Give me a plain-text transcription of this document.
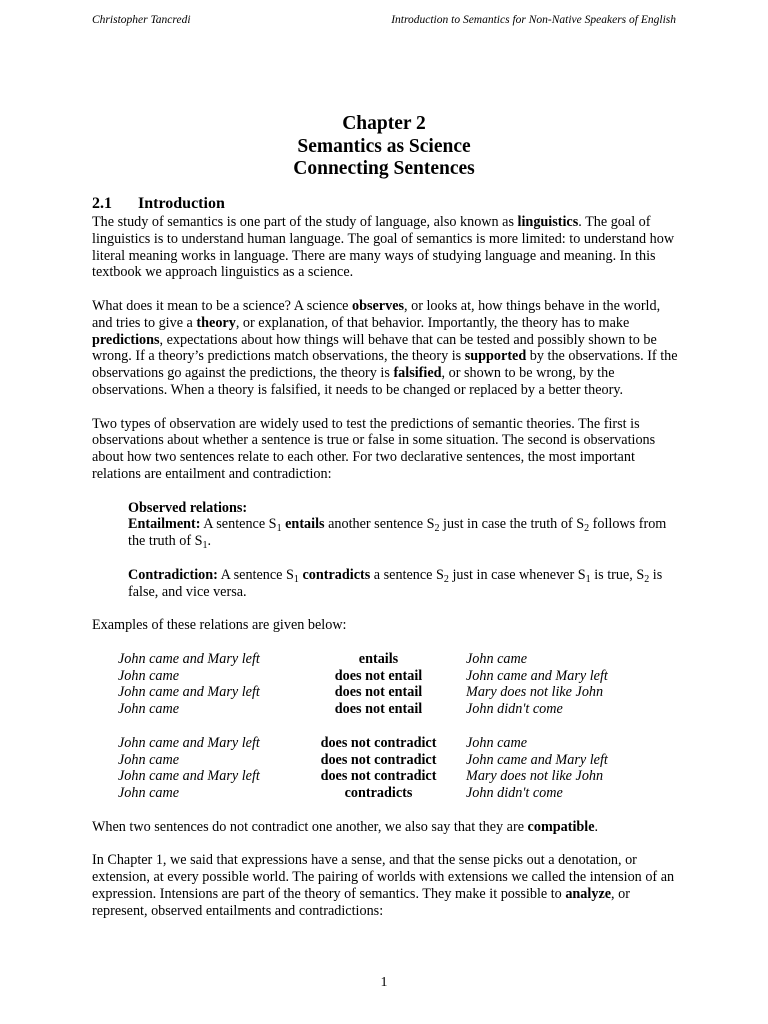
Christopher Tancredi	Introduction to Semantics for Non-Native Speakers of English
Chapter 2
Semantics as Science
Connecting Sentences
2.1 Introduction

The study of semantics is one part of the study of language, also known as linguistics. The goal of linguistics is to understand human language. The goal of semantics is more limited: to understand how literal meaning works in language. There are many ways of studying language and meaning. In this textbook we approach linguistics as a science.

What does it mean to be a science? A science observes, or looks at, how things behave in the world, and tries to give a theory, or explanation, of that behavior. Importantly, the theory has to make predictions, expectations about how things will behave that can be tested and possibly shown to be wrong. If a theory’s predictions match observations, the theory is supported by the observations. If the observations go against the predictions, the theory is falsified, or shown to be wrong, by the observations. When a theory is falsified, it needs to be changed or replaced by a better theory.

Two types of observation are widely used to test the predictions of semantic theories. The first is observations about whether a sentence is true or false in some situation. The second is observations about how two sentences relate to each other. For two declarative sentences, the most important relations are entailment and contradiction:

Observed relations:

Entailment: A sentence $S_1$ entails another sentence $S_2$ just in case the truth of $S_2$ follows from the truth of $S_1$.

Contradiction: A sentence $S_1$ contradicts a sentence $S_2$ just in case whenever $S_1$ is true, $S_2$ is false, and vice versa.

Examples of these relations are given below:

John came and Mary left	entails	John came
John came	does not entail	John came and Mary left
John came and Mary left	does not entail	Mary does not like John
John came	does not entail	John didn't come

John came and Mary left	does not contradict	John came
John came	does not contradict	John came and Mary left
John came and Mary left	does not contradict	Mary does not like John
John came	contradicts	John didn't come

When two sentences do not contradict one another, we also say that they are compatible.

In Chapter 1, we said that expressions have a sense, and that the sense picks out a denotation, or extension, at every possible world. The pairing of worlds with extensions we called the intension of an expression. Intensions are part of the theory of semantics. They make it possible to analyze, or represent, observed entailments and contradictions:

1
